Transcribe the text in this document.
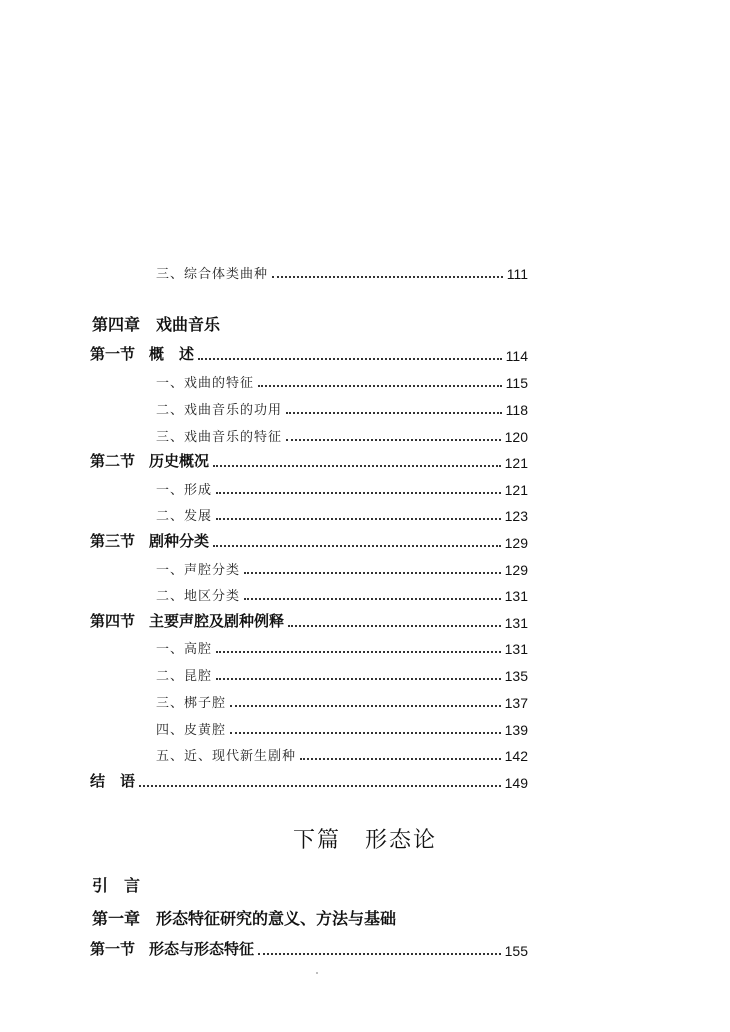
三、综合体类曲种	111
第四章　戏曲音乐
第一节 概　述	114
一、戏曲的特征	115
二、戏曲音乐的功用	118
三、戏曲音乐的特征	120
第二节 历史概况	121
一、形成	121
二、发展	123
第三节 剧种分类	129
一、声腔分类	129
二、地区分类	131
第四节 主要声腔及剧种例释	131
一、高腔	131
二、昆腔	135
三、梆子腔	137
四、皮黄腔	139
五、近、现代新生剧种	142
结　语	149
下篇　形态论
引　言
第一章　形态特征研究的意义、方法与基础
第一节 形态与形态特征	155
